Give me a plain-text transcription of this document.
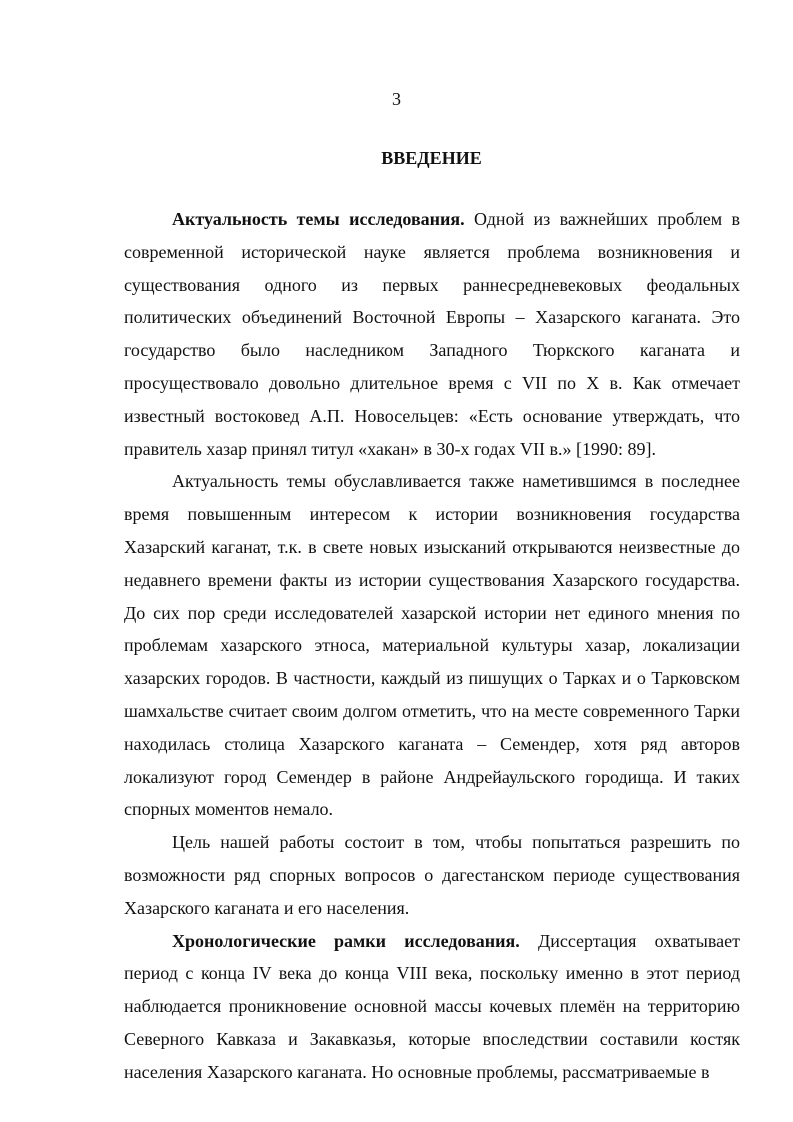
3
ВВЕДЕНИЕ

Актуальность темы исследования. Одной из важнейших проблем в современной исторической науке является проблема возникновения и существования одного из первых раннесредневековых феодальных политических объединений Восточной Европы – Хазарского каганата. Это государство было наследником Западного Тюркского каганата и просуществовало довольно длительное время с VII по X в. Как отмечает известный востоковед А.П. Новосельцев: «Есть основание утверждать, что правитель хазар принял титул «хакан» в 30-х годах VII в.» [1990: 89].

Актуальность темы обуславливается также наметившимся в последнее время повышенным интересом к истории возникновения государства Хазарский каганат, т.к. в свете новых изысканий открываются неизвестные до недавнего времени факты из истории существования Хазарского государства. До сих пор среди исследователей хазарской истории нет единого мнения по проблемам хазарского этноса, материальной культуры хазар, локализации хазарских городов. В частности, каждый из пишущих о Тарках и о Тарковском шамхальстве считает своим долгом отметить, что на месте современного Тарки находилась столица Хазарского каганата – Семендер, хотя ряд авторов локализуют город Семендер в районе Андрейаульского городища. И таких спорных моментов немало.

Цель нашей работы состоит в том, чтобы попытаться разрешить по возможности ряд спорных вопросов о дагестанском периоде существования Хазарского каганата и его населения.

Хронологические рамки исследования. Диссертация охватывает период с конца IV века до конца VIII века, поскольку именно в этот период наблюдается проникновение основной массы кочевых племён на территорию Северного Кавказа и Закавказья, которые впоследствии составили костяк населения Хазарского каганата. Но основные проблемы, рассматриваемые в
